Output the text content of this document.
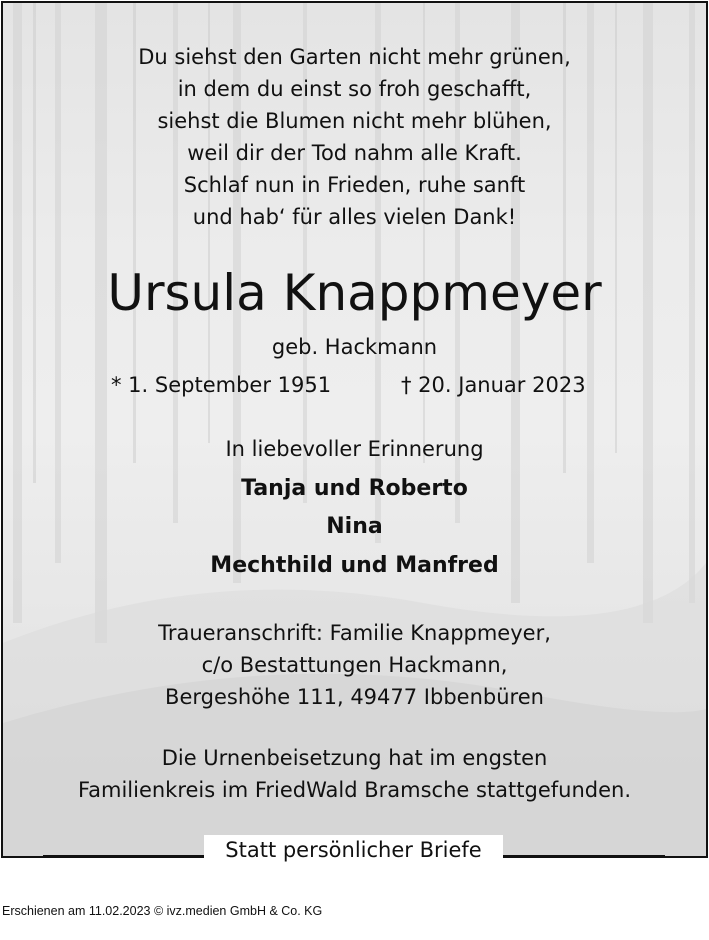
Du siehst den Garten nicht mehr grünen,
in dem du einst so froh geschafft,
siehst die Blumen nicht mehr blühen,
weil dir der Tod nahm alle Kraft.
Schlaf nun in Frieden, ruhe sanft
und hab‘ für alles vielen Dank!
Ursula Knappmeyer
geb. Hackmann
* 1. September 1951	† 20. Januar 2023
In liebevoller Erinnerung
Tanja und Roberto
Nina
Mechthild und Manfred
Traueranschrift: Familie Knappmeyer,
c/o Bestattungen Hackmann,
Bergeshöhe 111, 49477 Ibbenbüren
Die Urnenbeisetzung hat im engsten
Familienkreis im FriedWald Bramsche stattgefunden.
Statt persönlicher Briefe
Erschienen am 11.02.2023 © ivz.medien GmbH & Co. KG
